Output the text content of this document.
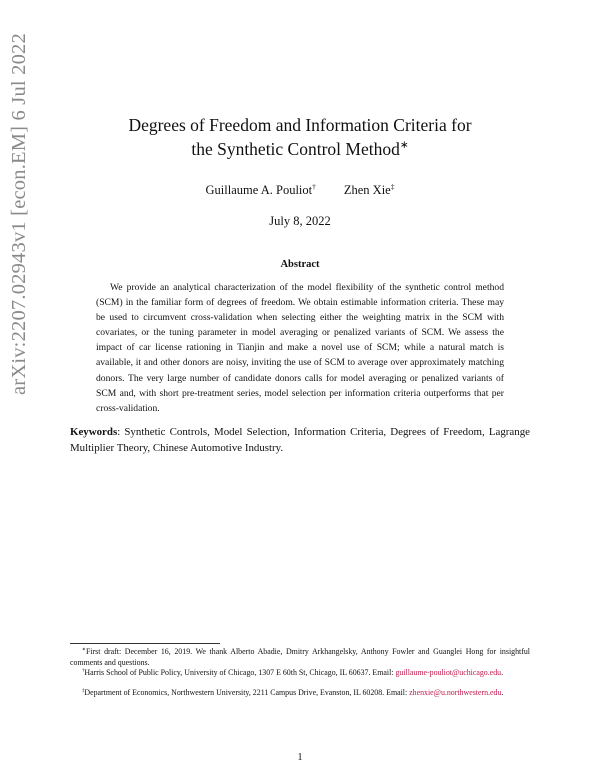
arXiv:2207.02943v1 [econ.EM] 6 Jul 2022	Degrees of Freedom and Information Criteria for
the Synthetic Control Method∗
Guillaume A. Pouliot† Zhen Xie‡
July 8, 2022
Abstract

We provide an analytical characterization of the model flexibility of the synthetic control method (SCM) in the familiar form of degrees of freedom. We obtain estimable information criteria. These may be used to circumvent cross-validation when selecting either the weighting matrix in the SCM with covariates, or the tuning parameter in model averaging or penalized variants of SCM. We assess the impact of car license rationing in Tianjin and make a novel use of SCM; while a natural match is available, it and other donors are noisy, inviting the use of SCM to average over approximately matching donors. The very large number of candidate donors calls for model averaging or penalized variants of SCM and, with short pre-treatment series, model selection per information criteria outperforms that per cross-validation.

Keywords: Synthetic Controls, Model Selection, Information Criteria, Degrees of Freedom, Lagrange Multiplier Theory, Chinese Automotive Industry.

∗First draft: December 16, 2019. We thank Alberto Abadie, Dmitry Arkhangelsky, Anthony Fowler and Guanglei Hong for insightful comments and questions.

†Harris School of Public Policy, University of Chicago, 1307 E 60th St, Chicago, IL 60637. Email: guillaume-pouliot@uchicago.edu.

‡Department of Economics, Northwestern University, 2211 Campus Drive, Evanston, IL 60208. Email: zhenxie@u.northwestern.edu.

1
